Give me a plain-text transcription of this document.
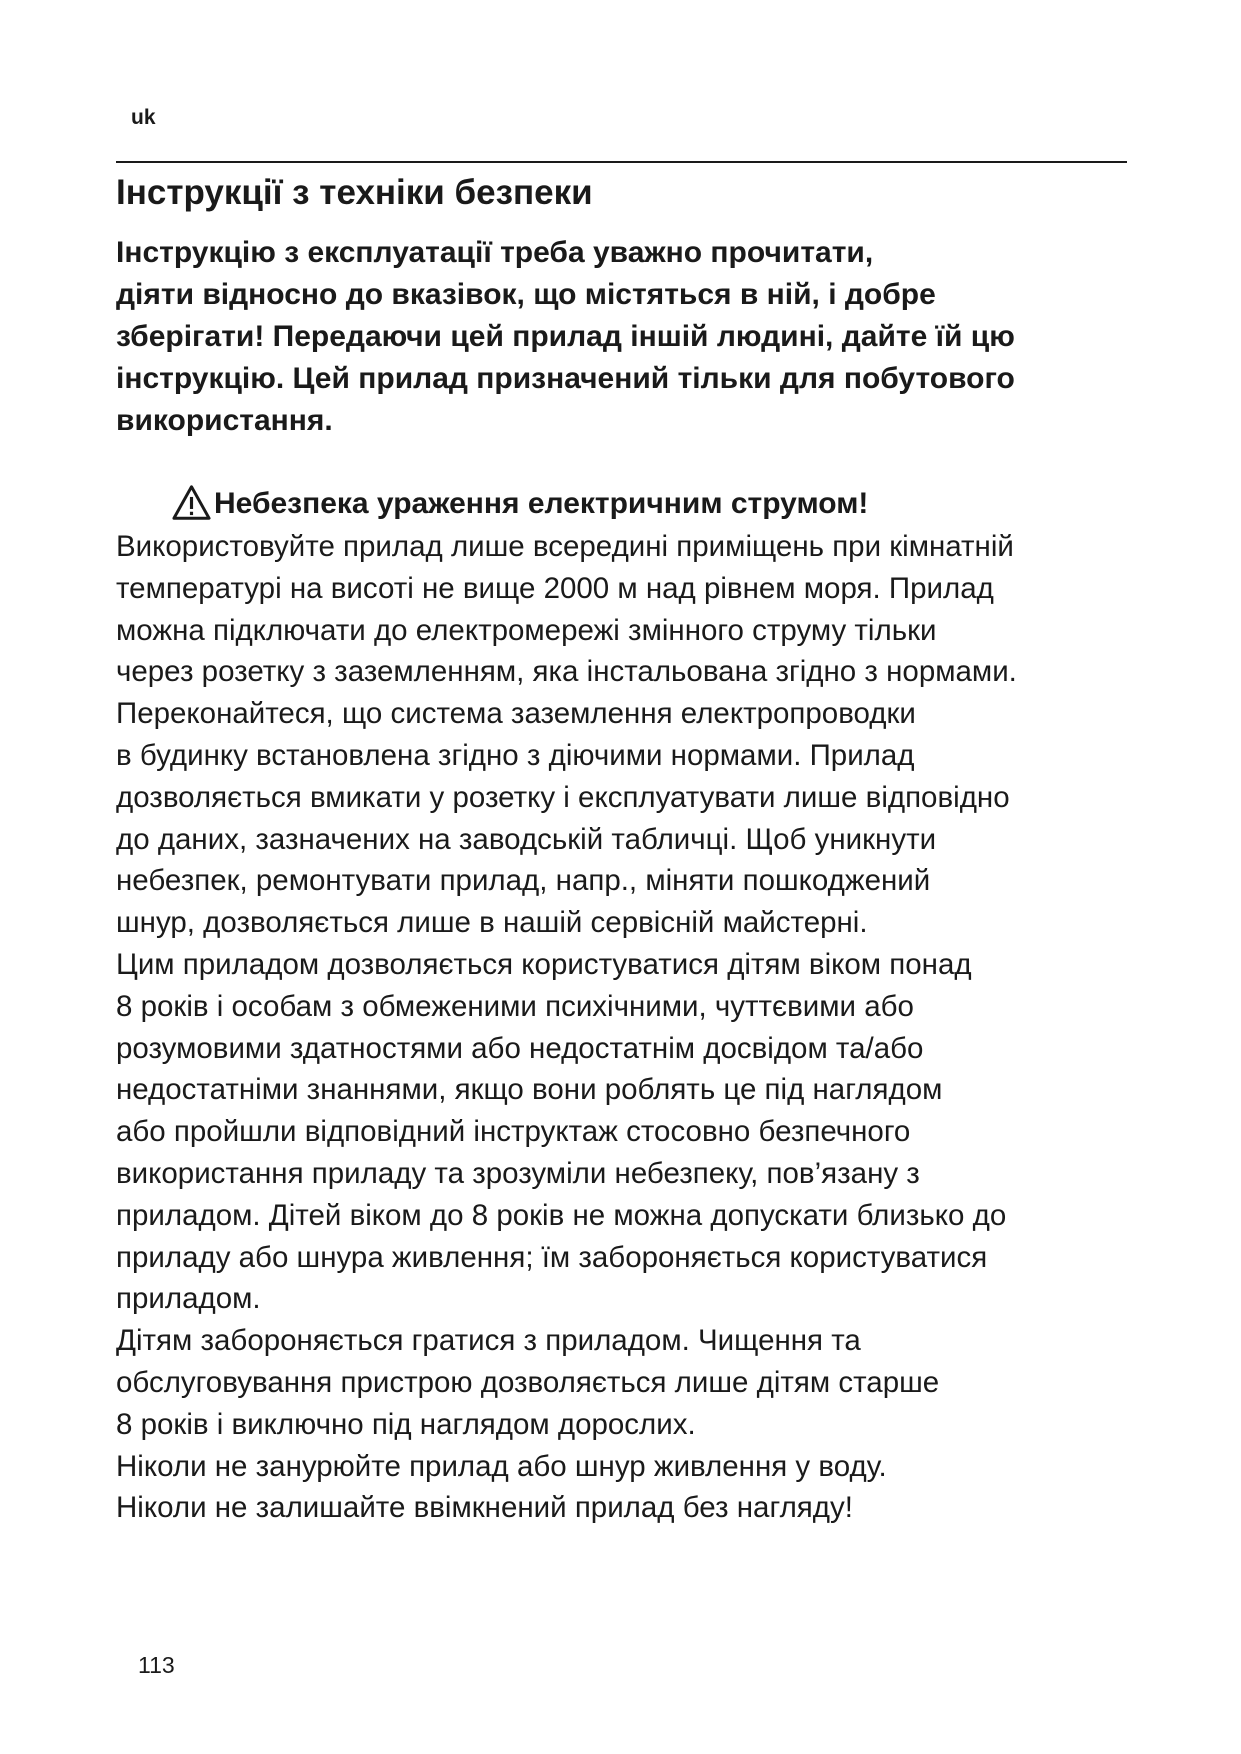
uk
Інструкції з техніки безпеки
Інструкцію з експлуатації треба уважно прочитати,
діяти відносно до вказівок, що містяться в ній, і добре
зберігати! Передаючи цей прилад іншій людині, дайте їй цю
інструкцію. Цей прилад призначений тільки для побутового
використання.
Небезпека ураження електричним струмом!
Використовуйте прилад лише всередині приміщень при кімнатній
температурі на висоті не вище 2000 м над рівнем моря. Прилад
можна підключати до електромережі змінного струму тільки
через розетку з заземленням, яка інстальована згідно з нормами.
Переконайтеся, що система заземлення електропроводки
в будинку встановлена згідно з діючими нормами. Прилад
дозволяється вмикати у розетку і експлуатувати лише відповідно
до даних, зазначених на заводській табличці. Щоб уникнути
небезпек, ремонтувати прилад, напр., міняти пошкоджений
шнур, дозволяється лише в нашій сервісній майстерні.
Цим приладом дозволяється користуватися дітям віком понад
8 років і особам з обмеженими психічними, чуттєвими або
розумовими здатностями або недостатнім досвідом та/або
недостатніми знаннями, якщо вони роблять це під наглядом
або пройшли відповідний інструктаж стосовно безпечного
використання приладу та зрозуміли небезпеку, пов’язану з
приладом. Дітей віком до 8 років не можна допускати близько до
приладу або шнура живлення; їм забороняється користуватися
приладом.
Дітям забороняється гратися з приладом. Чищення та
обслуговування пристрою дозволяється лише дітям старше
8 років і виключно під наглядом дорослих.
Ніколи не занурюйте прилад або шнур живлення у воду.
Ніколи не залишайте ввімкнений прилад без нагляду!
113
